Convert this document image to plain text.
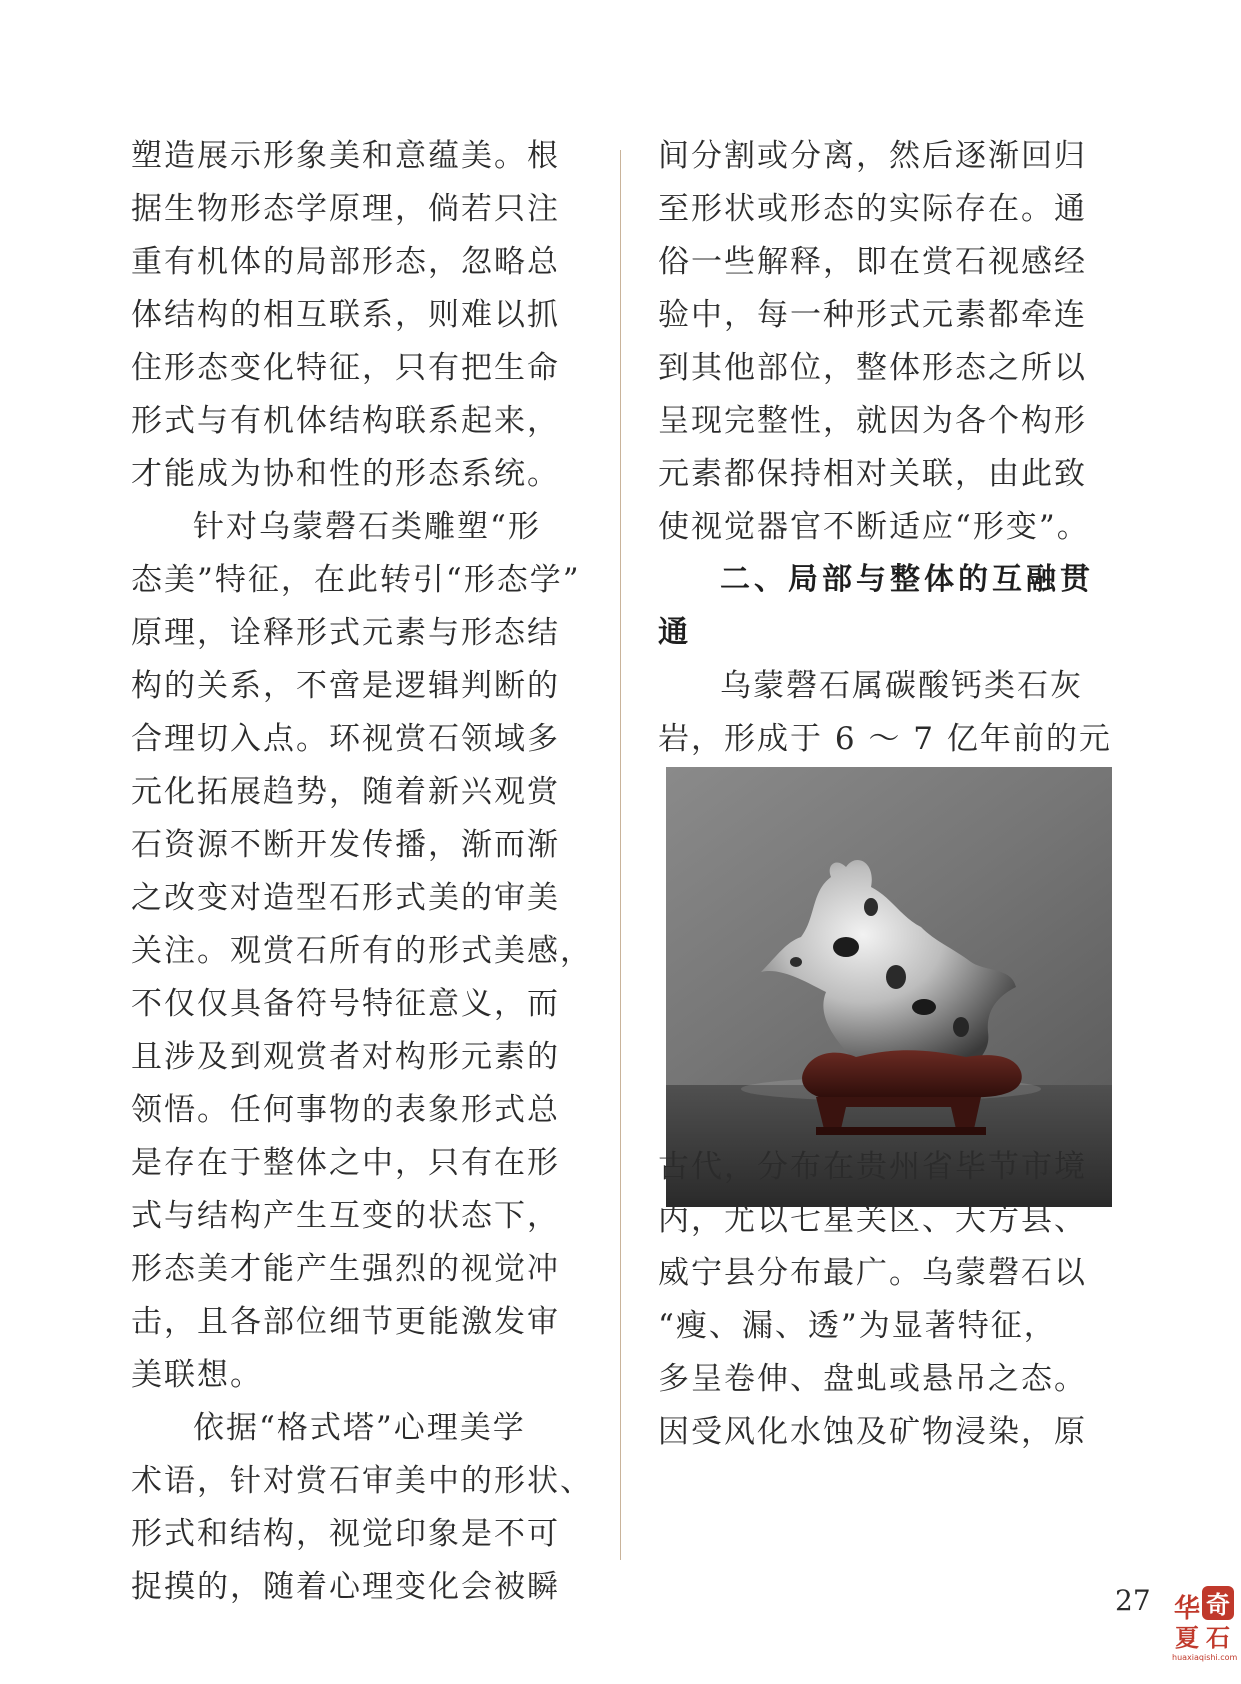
塑造展示形象美和意蕴美。根
据生物形态学原理，倘若只注
重有机体的局部形态，忽略总
体结构的相互联系，则难以抓
住形态变化特征，只有把生命
形式与有机体结构联系起来，
才能成为协和性的形态系统。
针对乌蒙磬石类雕塑“形
态美”特征，在此转引“形态学”
原理，诠释形式元素与形态结
构的关系，不啻是逻辑判断的
合理切入点。环视赏石领域多
元化拓展趋势，随着新兴观赏
石资源不断开发传播，渐而渐
之改变对造型石形式美的审美
关注。观赏石所有的形式美感，
不仅仅具备符号特征意义，而
且涉及到观赏者对构形元素的
领悟。任何事物的表象形式总
是存在于整体之中，只有在形
式与结构产生互变的状态下，
形态美才能产生强烈的视觉冲
击，且各部位细节更能激发审
美联想。
依据“格式塔”心理美学
术语，针对赏石审美中的形状、
形式和结构，视觉印象是不可
捉摸的，随着心理变化会被瞬
间分割或分离，然后逐渐回归
至形状或形态的实际存在。通
俗一些解释，即在赏石视感经
验中，每一种形式元素都牵连
到其他部位，整体形态之所以
呈现完整性，就因为各个构形
元素都保持相对关联，由此致
使视觉器官不断适应“形变”。
二、局部与整体的互融贯
通
乌蒙磬石属碳酸钙类石灰
岩，形成于 6 ～ 7 亿年前的元
古代，分布在贵州省毕节市境
内，尤以七星关区、大方县、
威宁县分布最广。乌蒙磬石以
“瘦、漏、透”为显著特征，
多呈卷伸、盘虬或悬吊之态。
因受风化水蚀及矿物浸染，原
27 奇
华
夏 石
huaxiaqishi.com
